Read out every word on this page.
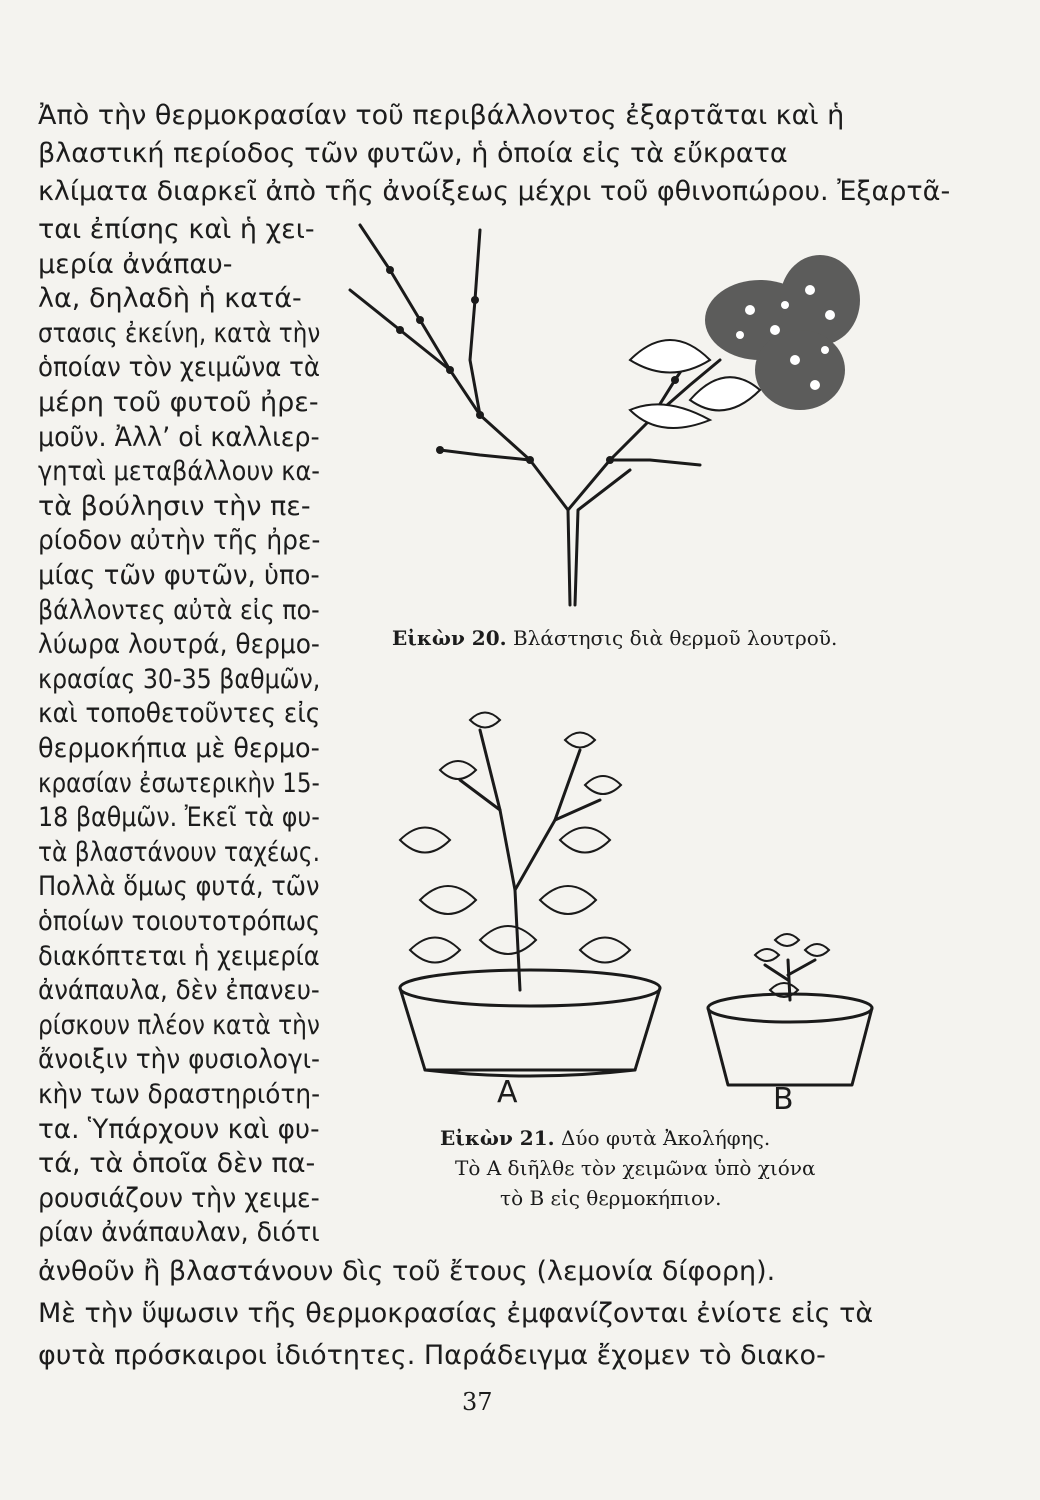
Ἀπὸ τὴν θερμοκρασίαν τοῦ περιβάλλοντος ἐξαρτᾶται καὶ ἡ
βλαστική περίοδος τῶν φυτῶν, ἡ ὁποία εἰς τὰ εὔκρατα
κλίματα διαρκεῖ ἀπὸ τῆς ἀνοίξεως μέχρι τοῦ φθινοπώρου. Ἐξαρτᾶ-
ται ἐπίσης καὶ ἡ χει-
μερία ἀνάπαυ-
λα, δηλαδὴ ἡ κατά-
στασις ἐκείνη, κατὰ τὴν
ὁποίαν τὸν χειμῶνα τὰ
μέρη τοῦ φυτοῦ ἠρε-
μοῦν. Ἀλλ’ οἱ καλλιερ-
γηταὶ μεταβάλλουν κα-
τὰ βούλησιν τὴν πε-
ρίοδον αὐτὴν τῆς ἠρε-
μίας τῶν φυτῶν, ὑπο-
βάλλοντες αὐτὰ εἰς πο-
λύωρα λουτρά, θερμο-
κρασίας 30-35 βαθμῶν,
καὶ τοποθετοῦντες εἰς
θερμοκήπια μὲ θερμο-
κρασίαν ἐσωτερικὴν 15-
18 βαθμῶν. Ἐκεῖ τὰ φυ-
τὰ βλαστάνουν ταχέως.
Πολλὰ ὅμως φυτά, τῶν
ὁποίων τοιουτοτρόπως
διακόπτεται ἡ χειμερία
ἀνάπαυλα, δὲν ἐπανευ-
ρίσκουν πλέον κατὰ τὴν
ἄνοιξιν τὴν φυσιολογι-
κὴν των δραστηριότη-
τα. Ὑπάρχουν καὶ φυ-
τά, τὰ ὁποῖα δὲν πα-
ρουσιάζουν τὴν χειμε-
ρίαν ἀνάπαυλαν, διότι
ἀνθοῦν ἢ βλαστάνουν δὶς τοῦ ἔτους (λεμονία δίφορη).
Μὲ τὴν ὕψωσιν τῆς θερμοκρασίας ἐμφανίζονται ἐνίοτε εἰς τὰ
φυτὰ πρόσκαιροι ἰδιότητες. Παράδειγμα ἔχομεν τὸ διακο-
Εἰκὼν 20. Βλάστησις διὰ θερμοῦ λουτροῦ.
A	B
Εἰκὼν 21. Δύο φυτὰ Ἀκολήφης.
Τὸ Α διῆλθε τὸν χειμῶνα ὑπὸ χιόνα
τὸ Β εἰς θερμοκήπιον.
37
